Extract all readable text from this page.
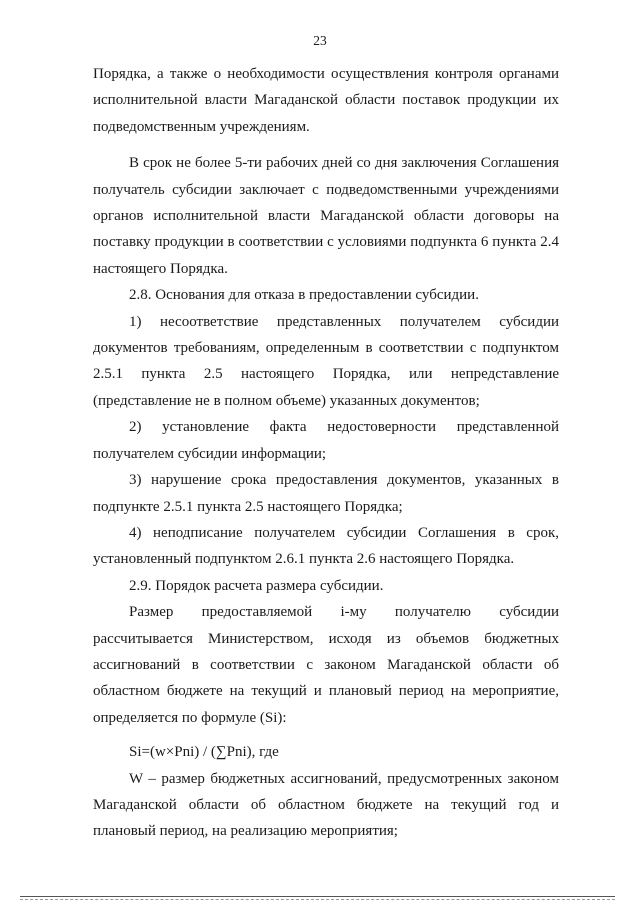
23

Порядка, а также о необходимости осуществления контроля органами исполнительной власти Магаданской области поставок продукции их подведомственным учреждениям.

В срок не более 5-ти рабочих дней со дня заключения Соглашения получатель субсидии заключает с подведомственными учреждениями органов исполнительной власти Магаданской области договоры на поставку продукции в соответствии с условиями подпункта 6 пункта 2.4 настоящего Порядка.

2.8. Основания для отказа в предоставлении субсидии.

1) несоответствие представленных получателем субсидии документов требованиям, определенным в соответствии с подпунктом 2.5.1 пункта 2.5 настоящего Порядка, или непредставление (представление не в полном объеме) указанных документов;

2) установление факта недостоверности представленной получателем субсидии информации;

3) нарушение срока предоставления документов, указанных в подпункте 2.5.1 пункта 2.5 настоящего Порядка;

4) неподписание получателем субсидии Соглашения в срок, установленный подпунктом 2.6.1 пункта 2.6 настоящего Порядка.

2.9. Порядок расчета размера субсидии.

Размер предоставляемой i-му получателю субсидии рассчитывается Министерством, исходя из объемов бюджетных ассигнований в соответствии с законом Магаданской области об областном бюджете на текущий и плановый период на мероприятие, определяется по формуле (Si):

Si=(w×Pni) / (∑Pni), где

W – размер бюджетных ассигнований, предусмотренных законом Магаданской области об областном бюджете на текущий год и плановый период, на реализацию мероприятия;
